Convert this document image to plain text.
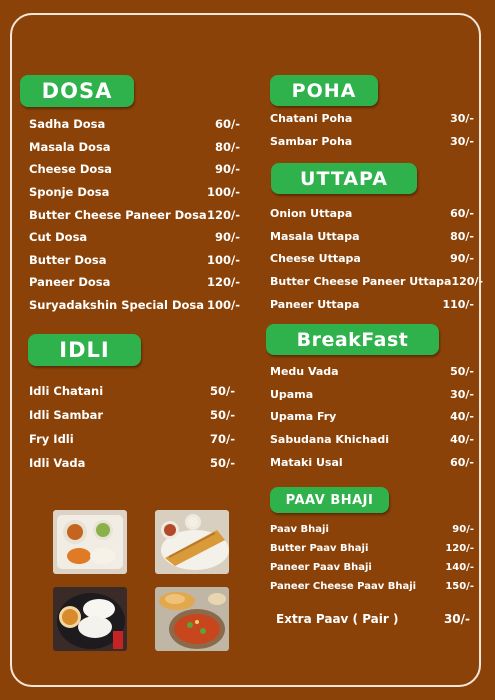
DOSA
Sadha Dosa	60/-
Masala Dosa	80/-
Cheese Dosa	90/-
Sponje Dosa	100/-
Butter Cheese Paneer Dosa 120/-
Cut Dosa	90/-
Butter Dosa	100/-
Paneer Dosa	120/-
Suryadakshin Special Dosa 100/-
IDLI
Idli Chatani	50/-
Idli Sambar	50/-
Fry Idli	70/-
Idli Vada	50/-
POHA
Chatani Poha	30/-
Sambar Poha	30/-
UTTAPA
Onion Uttapa	60/-
Masala Uttapa	80/-
Cheese Uttapa	90/-
Butter Cheese Paneer Uttapa 120/-
Paneer Uttapa	110/-
BreakFast
Medu Vada	50/-
Upama	30/-
Upama Fry	40/-
Sabudana Khichadi	40/-
Mataki Usal	60/-
PAAV BHAJI
Paav Bhaji	90/-
Butter Paav Bhaji	120/-
Paneer Paav Bhaji	140/-
Paneer Cheese Paav Bhaji	150/-
Extra Paav ( Pair )	30/-
